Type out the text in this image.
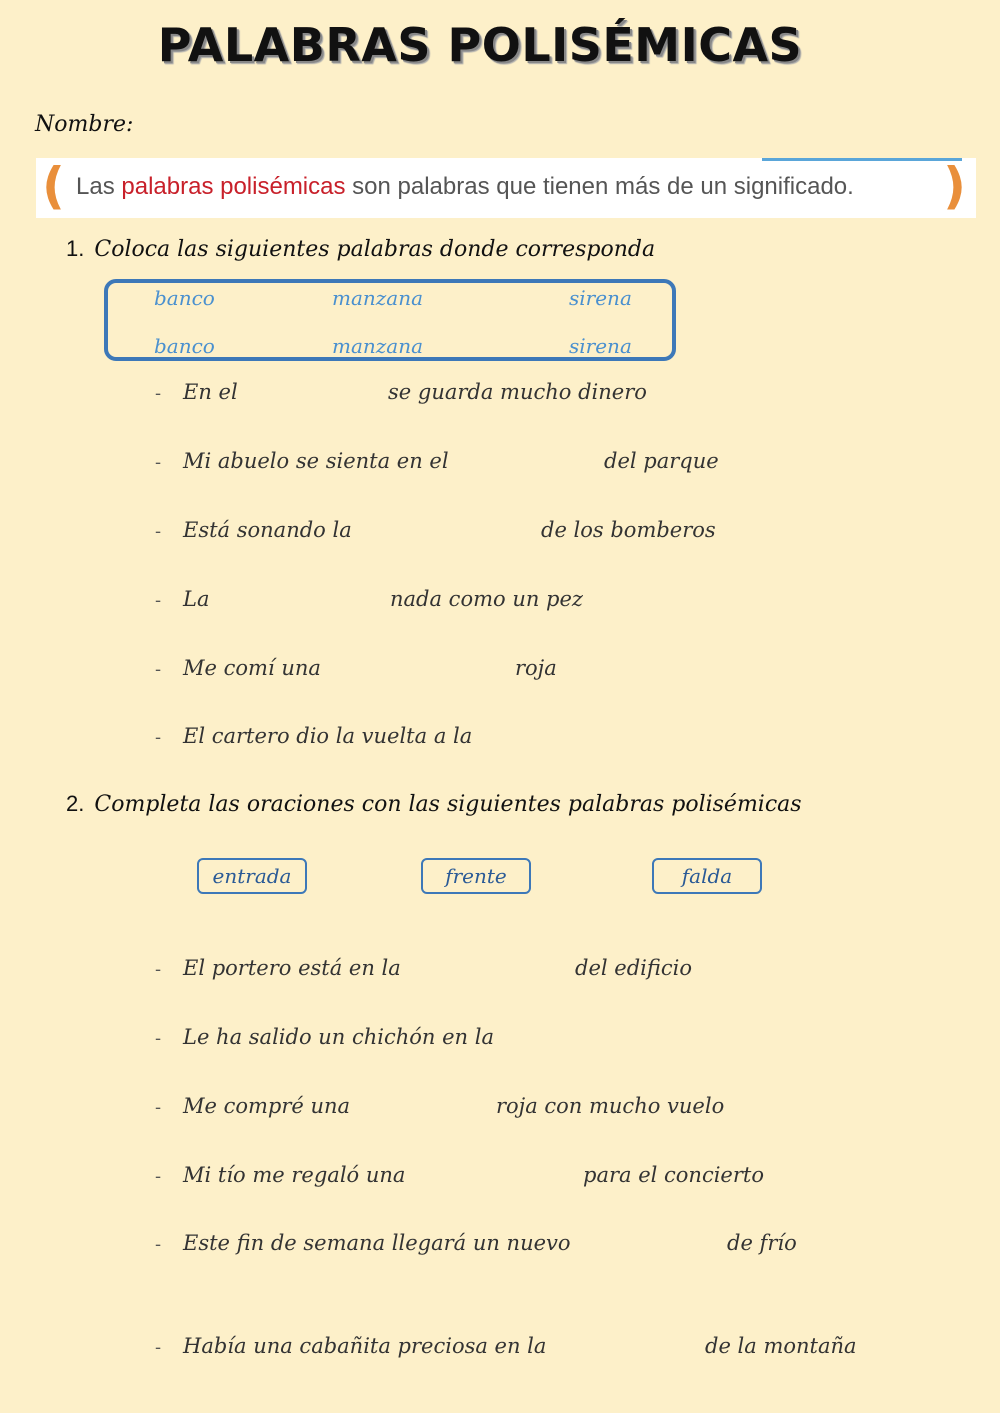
PALABRAS POLISÉMICAS
Nombre:
( Las palabras polisémicas son palabras que tienen más de un significado. )
1. Coloca las siguientes palabras donde corresponda
banco	manzana	sirena
banco	manzana	sirena
- En el	se guarda mucho dinero
- Mi abuelo se sienta en el	del parque
- Está sonando la	de los bomberos
- La	nada como un pez
- Me comí una	roja
- El cartero dio la vuelta a la
2. Completa las oraciones con las siguientes palabras polisémicas
entrada	frente	falda
- El portero está en la	del edificio
- Le ha salido un chichón en la
- Me compré una	roja con mucho vuelo
- Mi tío me regaló una	para el concierto
- Este fin de semana llegará un nuevo	de frío
- Había una cabañita preciosa en la	de la montaña
